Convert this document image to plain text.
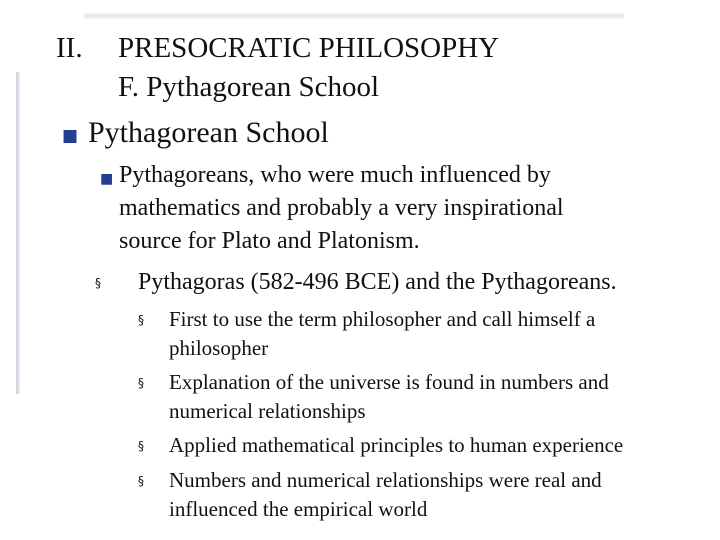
II. PRESOCRATIC PHILOSOPHY
F. Pythagorean School
■ Pythagorean School
■ Pythagoreans, who were much influenced by
mathematics and probably a very inspirational
source for Plato and Platonism.
§ Pythagoras (582-496 BCE) and the Pythagoreans.
§ First to use the term philosopher and call himself a
philosopher
§ Explanation of the universe is found in numbers and
numerical relationships
§ Applied mathematical principles to human experience
§ Numbers and numerical relationships were real and
influenced the empirical world
